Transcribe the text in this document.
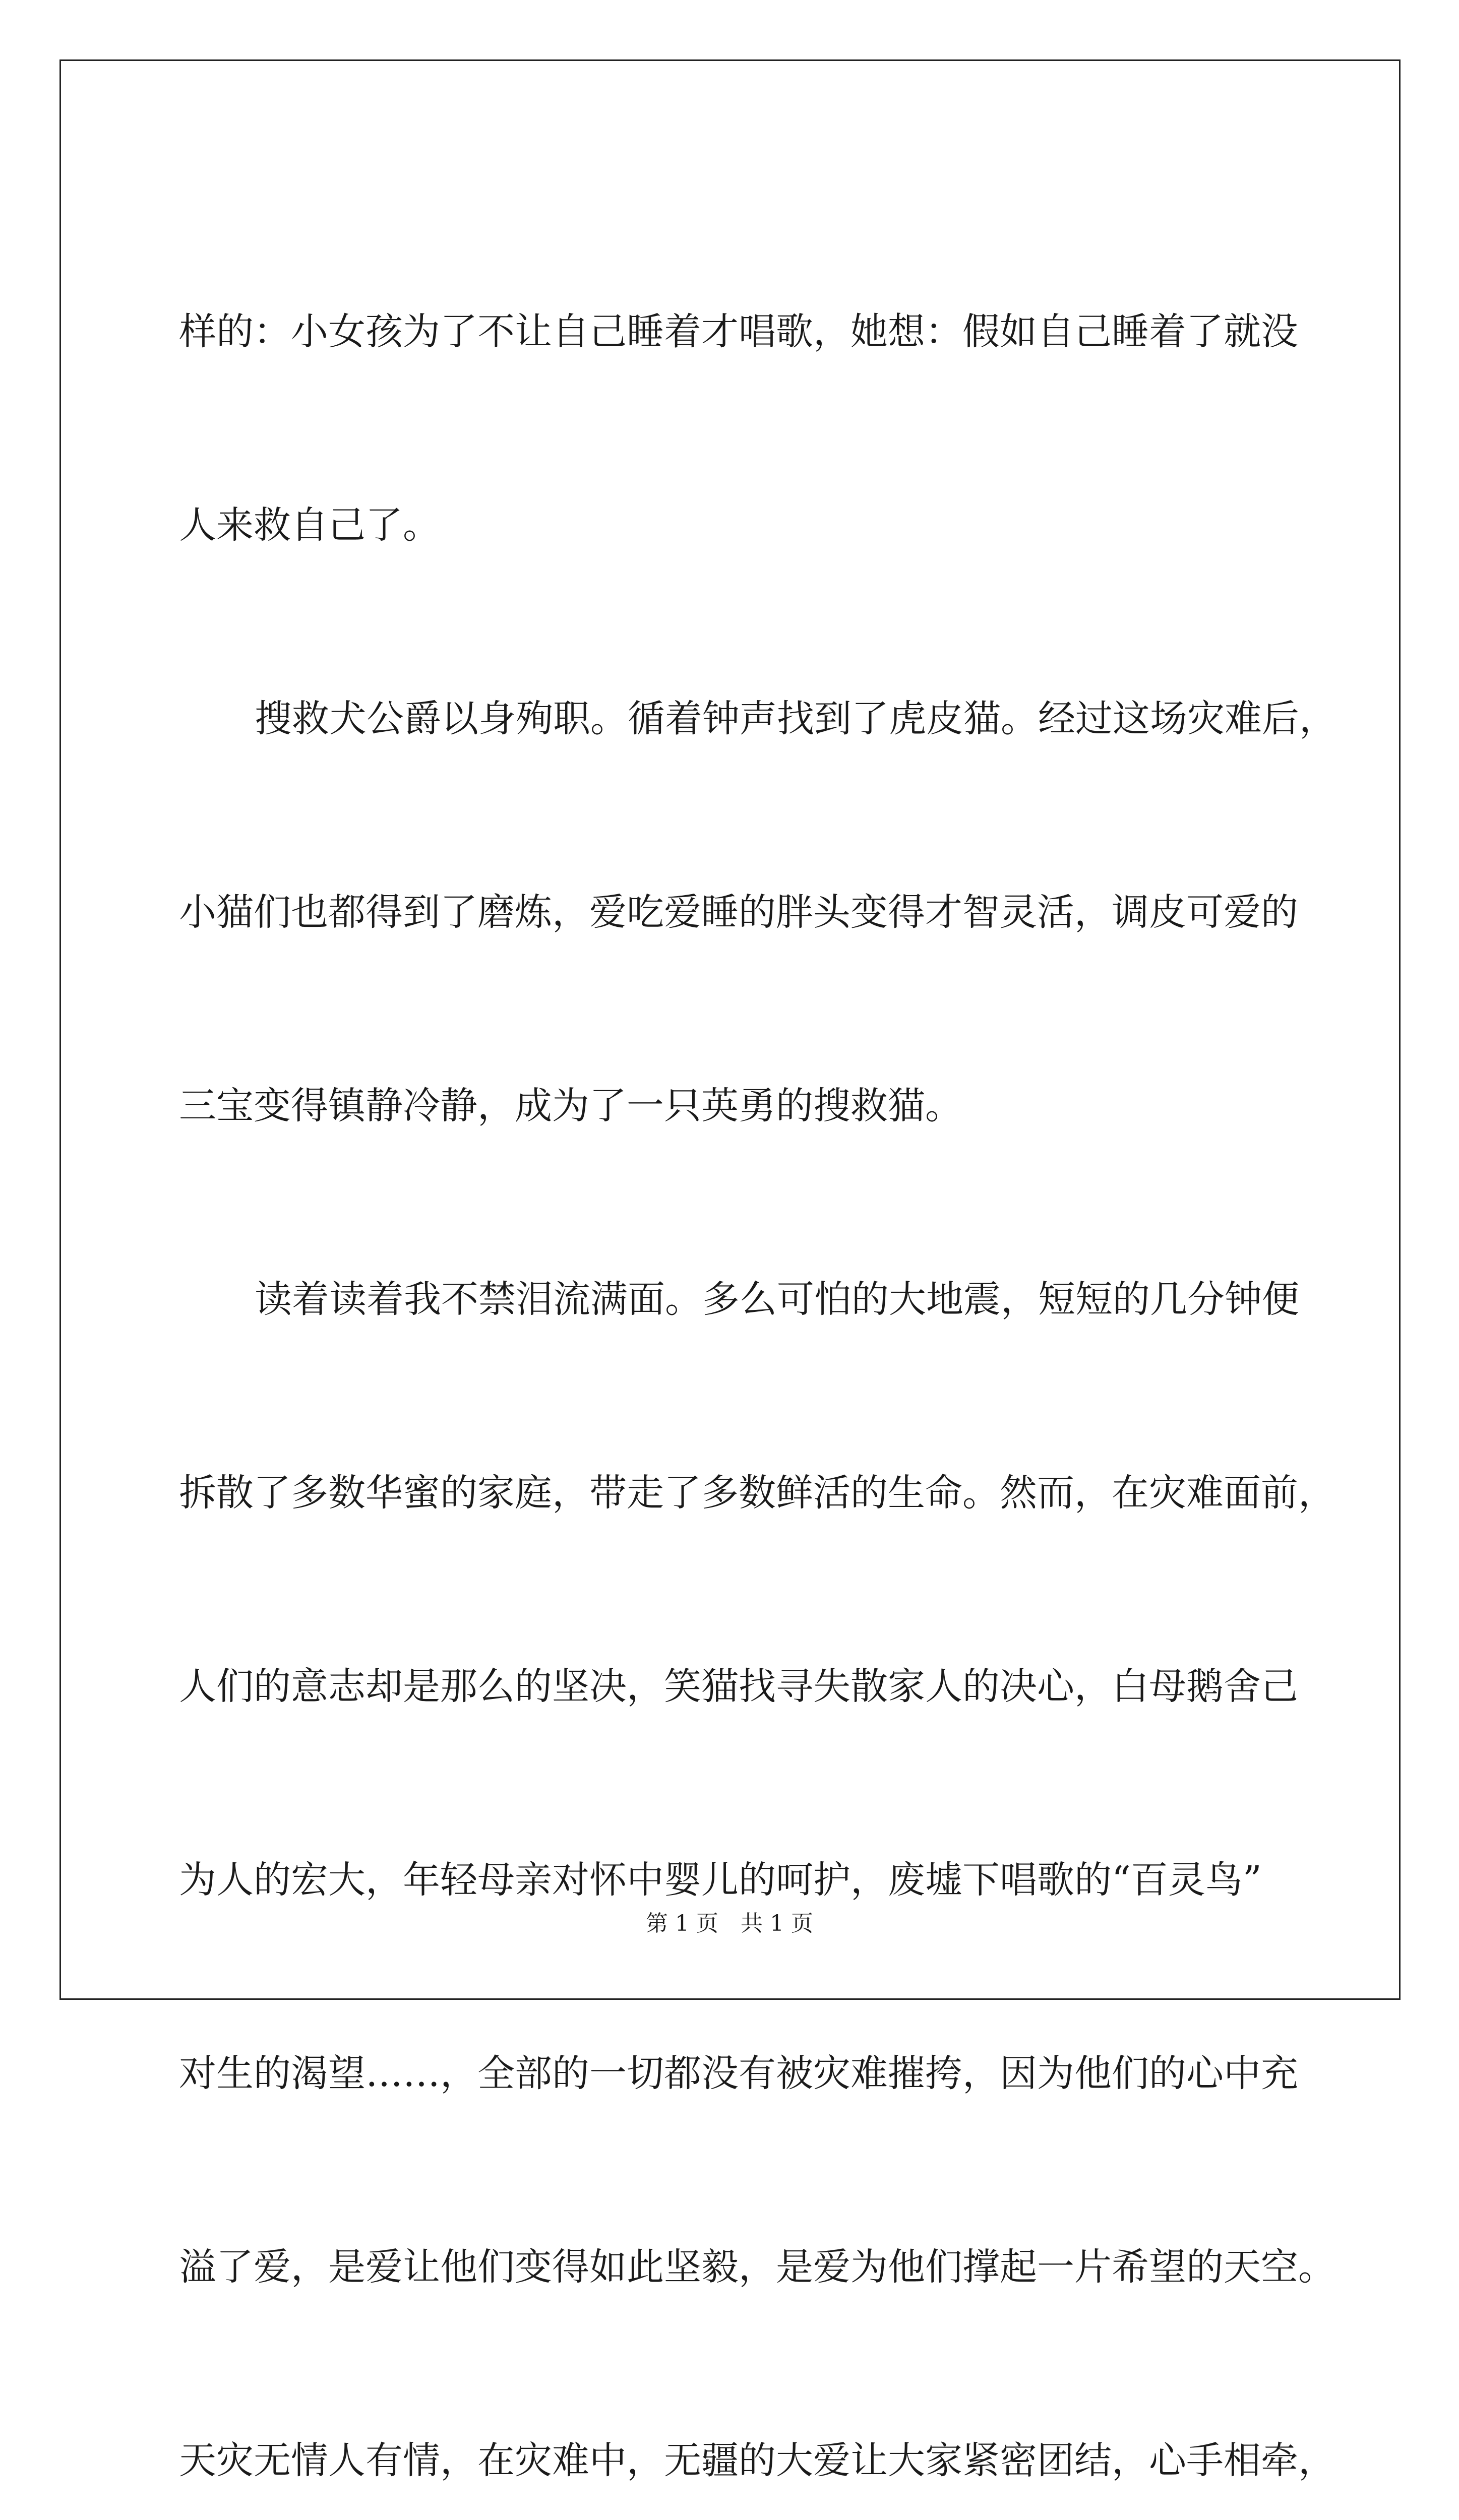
样的：小女孩为了不让自己睡着才唱歌，她想：假如自己睡着了就没

人来救自己了。

搜救犬公爵以身殉职。循着钟声找到了虎皮猫。经过这场灾难后，

小猫们也都得到了磨炼，爱吃爱睡的胖头变得才智灵活，调皮可爱的

三宝变得镇静冷静，成为了一只英勇的搜救猫。

读着读着我不禁泪流满面。多么可怕的大地震，短短的几分钟便

拆散了多数华蜜的家庭，带走了多数鲜活的生命。然而，在灾难面前，

人们的意志却是那么的坚决，笑猫找寻失散家人的决心，白母鹅舍己

为人的宏大，年轻母亲对怀中婴儿的呵护，废墟下唱歌的“百灵鸟”

对生的渴望……，全部的一切都没有被灾难摧挎，因为他们的心中充

溢了爱，是爱让他们变得如此坚毅，是爱为他们撑起一片希望的天空。

天灾无情人有情，在灾难中，无疆的大爱让大家紧密团结，心手相牵，

第 1 页　共 1 页
